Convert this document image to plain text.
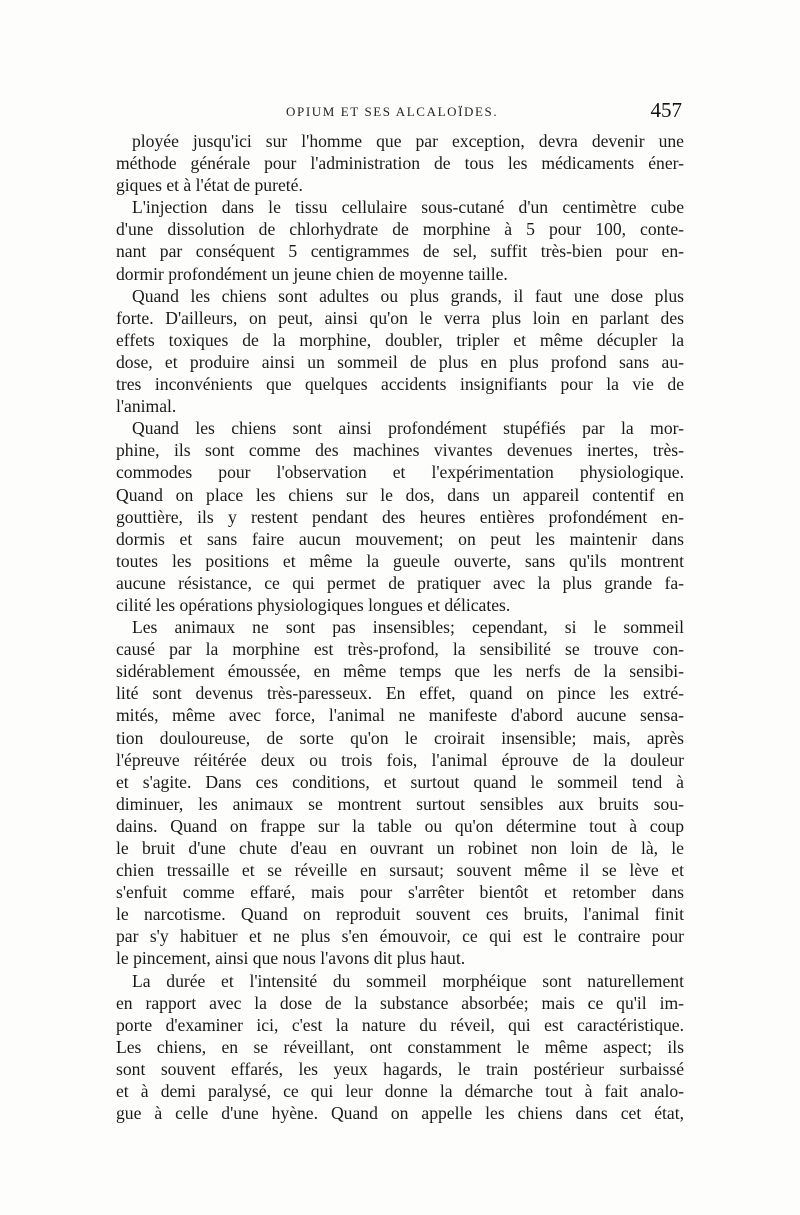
OPIUM ET SES ALCALOÏDES.	457
ployée jusqu'ici sur l'homme que par exception, devra devenir une
méthode générale pour l'administration de tous les médicaments éner-
giques et à l'état de pureté.
L'injection dans le tissu cellulaire sous-cutané d'un centimètre cube
d'une dissolution de chlorhydrate de morphine à 5 pour 100, conte-
nant par conséquent 5 centigrammes de sel, suffit très-bien pour en-
dormir profondément un jeune chien de moyenne taille.
Quand les chiens sont adultes ou plus grands, il faut une dose plus
forte. D'ailleurs, on peut, ainsi qu'on le verra plus loin en parlant des
effets toxiques de la morphine, doubler, tripler et même décupler la
dose, et produire ainsi un sommeil de plus en plus profond sans au-
tres inconvénients que quelques accidents insignifiants pour la vie de
l'animal.
Quand les chiens sont ainsi profondément stupéfiés par la mor-
phine, ils sont comme des machines vivantes devenues inertes, très-
commodes pour l'observation et l'expérimentation physiologique.
Quand on place les chiens sur le dos, dans un appareil contentif en
gouttière, ils y restent pendant des heures entières profondément en-
dormis et sans faire aucun mouvement; on peut les maintenir dans
toutes les positions et même la gueule ouverte, sans qu'ils montrent
aucune résistance, ce qui permet de pratiquer avec la plus grande fa-
cilité les opérations physiologiques longues et délicates.
Les animaux ne sont pas insensibles; cependant, si le sommeil
causé par la morphine est très-profond, la sensibilité se trouve con-
sidérablement émoussée, en même temps que les nerfs de la sensibi-
lité sont devenus très-paresseux. En effet, quand on pince les extré-
mités, même avec force, l'animal ne manifeste d'abord aucune sensa-
tion douloureuse, de sorte qu'on le croirait insensible; mais, après
l'épreuve réitérée deux ou trois fois, l'animal éprouve de la douleur
et s'agite. Dans ces conditions, et surtout quand le sommeil tend à
diminuer, les animaux se montrent surtout sensibles aux bruits sou-
dains. Quand on frappe sur la table ou qu'on détermine tout à coup
le bruit d'une chute d'eau en ouvrant un robinet non loin de là, le
chien tressaille et se réveille en sursaut; souvent même il se lève et
s'enfuit comme effaré, mais pour s'arrêter bientôt et retomber dans
le narcotisme. Quand on reproduit souvent ces bruits, l'animal finit
par s'y habituer et ne plus s'en émouvoir, ce qui est le contraire pour
le pincement, ainsi que nous l'avons dit plus haut.
La durée et l'intensité du sommeil morphéique sont naturellement
en rapport avec la dose de la substance absorbée; mais ce qu'il im-
porte d'examiner ici, c'est la nature du réveil, qui est caractéristique.
Les chiens, en se réveillant, ont constamment le même aspect; ils
sont souvent effarés, les yeux hagards, le train postérieur surbaissé
et à demi paralysé, ce qui leur donne la démarche tout à fait analo-
gue à celle d'une hyène. Quand on appelle les chiens dans cet état,
